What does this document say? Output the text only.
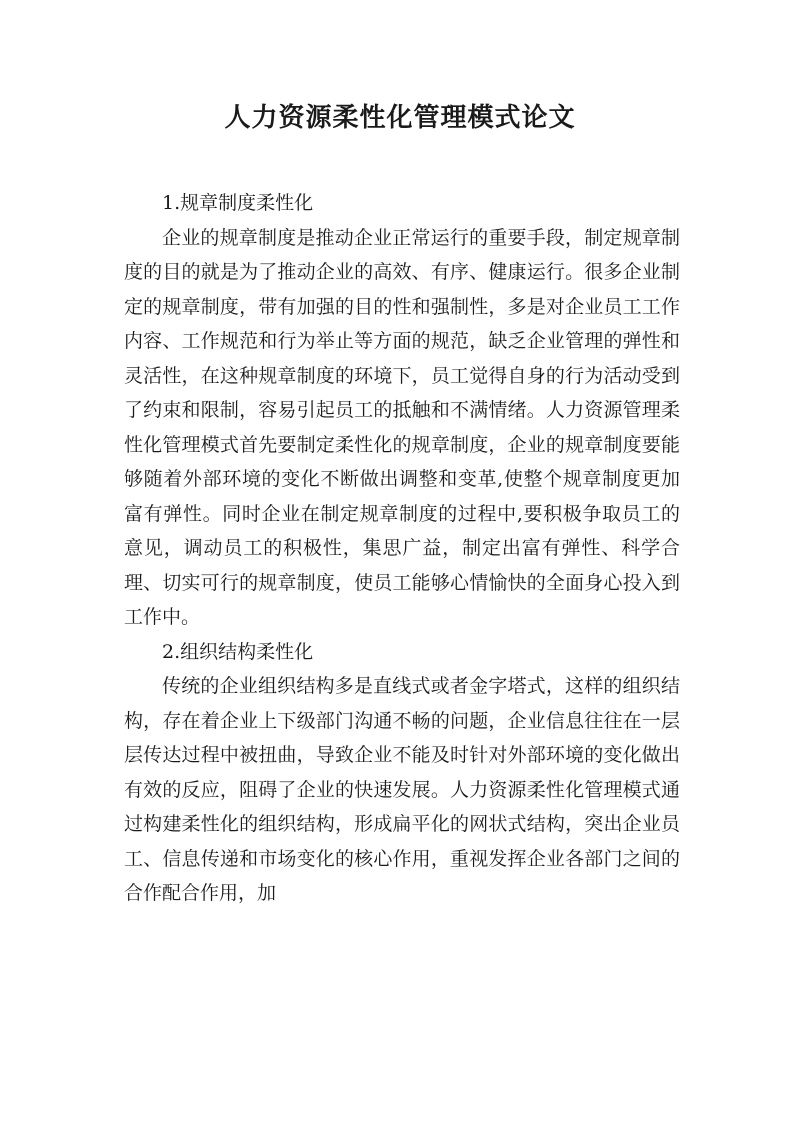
人力资源柔性化管理模式论文

1.规章制度柔性化

企业的规章制度是推动企业正常运行的重要手段，制定规章制度的目的就是为了推动企业的高效、有序、健康运行。很多企业制定的规章制度，带有加强的目的性和强制性，多是对企业员工工作内容、工作规范和行为举止等方面的规范，缺乏企业管理的弹性和灵活性，在这种规章制度的环境下，员工觉得自身的行为活动受到了约束和限制，容易引起员工的抵触和不满情绪。人力资源管理柔性化管理模式首先要制定柔性化的规章制度，企业的规章制度要能够随着外部环境的变化不断做出调整和变革,使整个规章制度更加富有弹性。同时企业在制定规章制度的过程中,要积极争取员工的意见，调动员工的积极性，集思广益，制定出富有弹性、科学合理、切实可行的规章制度，使员工能够心情愉快的全面身心投入到工作中。

2.组织结构柔性化

传统的企业组织结构多是直线式或者金字塔式，这样的组织结构，存在着企业上下级部门沟通不畅的问题，企业信息往往在一层层传达过程中被扭曲，导致企业不能及时针对外部环境的变化做出有效的反应，阻碍了企业的快速发展。人力资源柔性化管理模式通过构建柔性化的组织结构，形成扁平化的网状式结构，突出企业员工、信息传递和市场变化的核心作用，重视发挥企业各部门之间的合作配合作用，加
